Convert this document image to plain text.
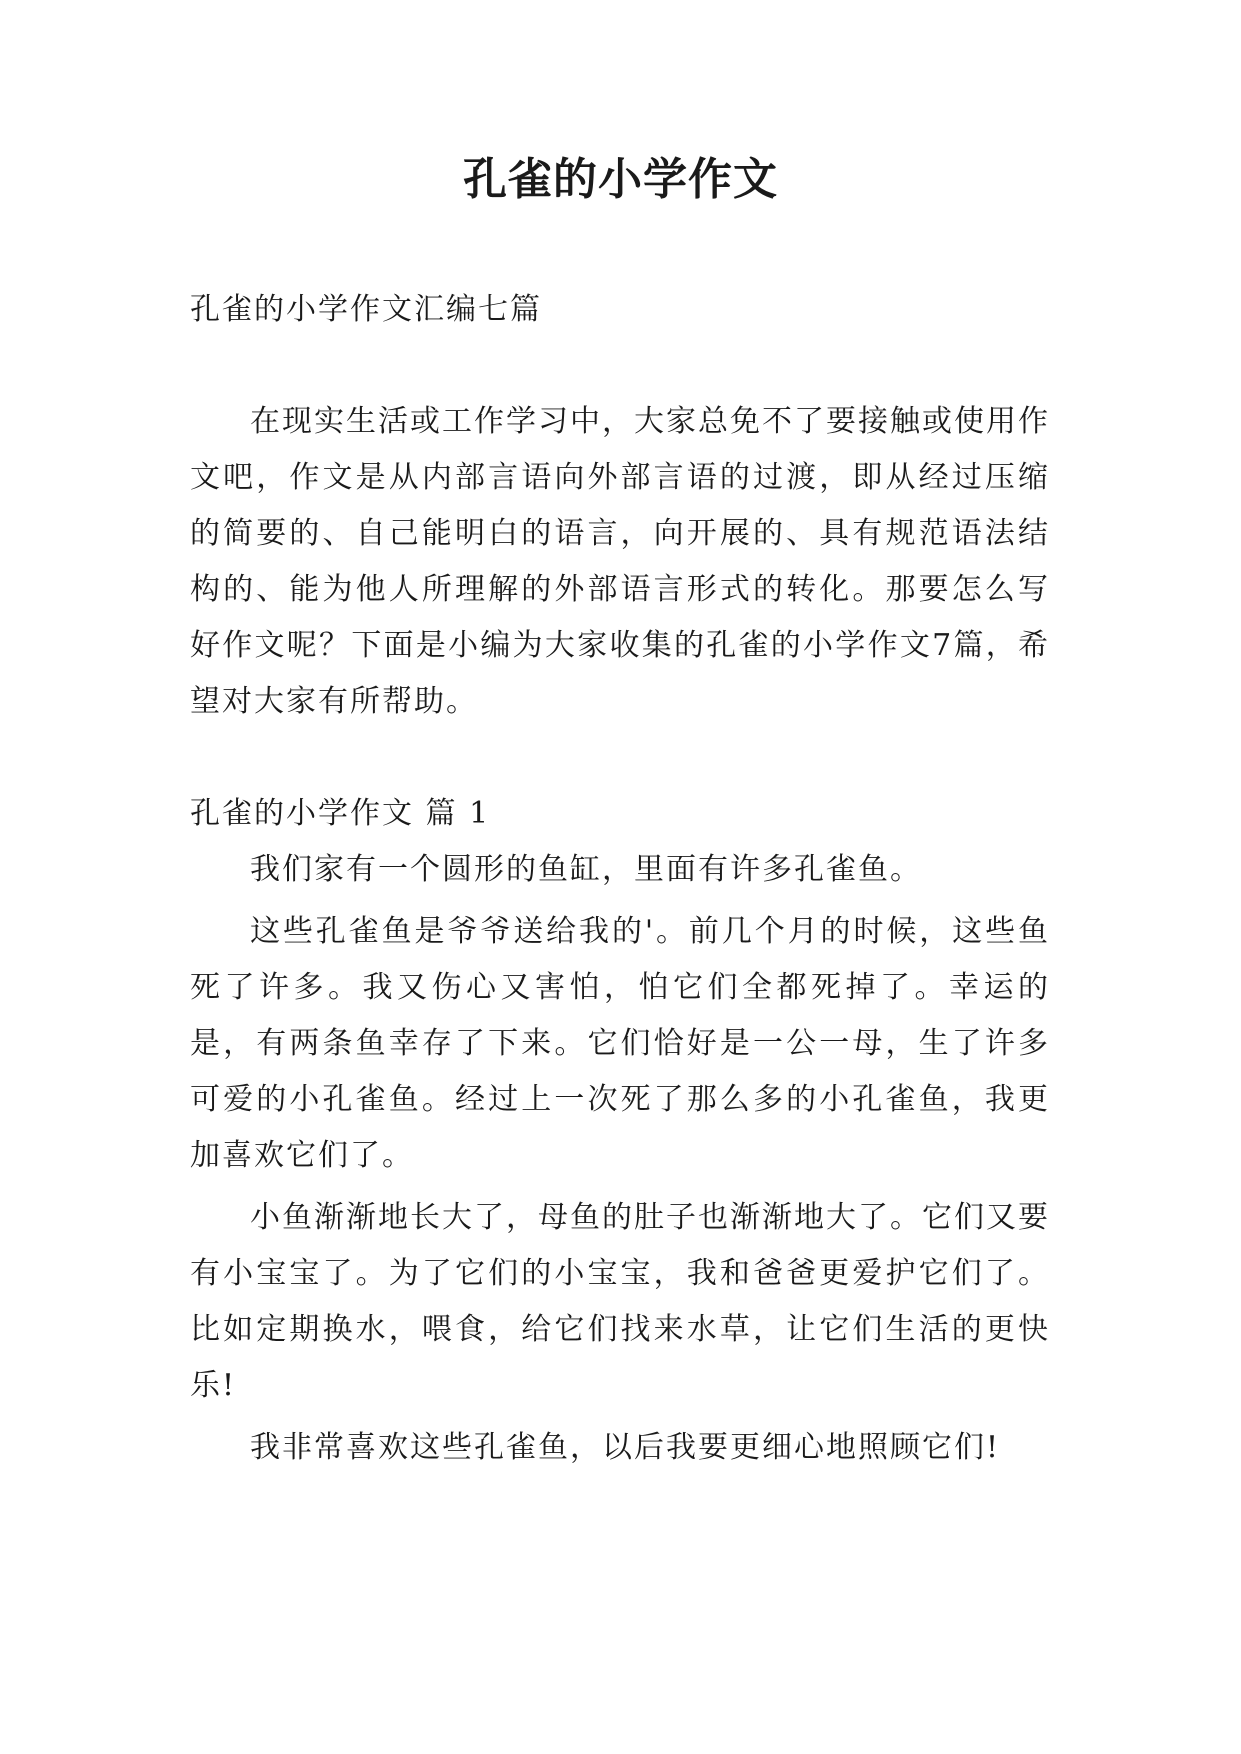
孔雀的小学作文

孔雀的小学作文汇编七篇

在现实生活或工作学习中，大家总免不了要接触或使用作文吧，作文是从内部言语向外部言语的过渡，即从经过压缩的简要的、自己能明白的语言，向开展的、具有规范语法结构的、能为他人所理解的外部语言形式的转化。那要怎么写好作文呢？下面是小编为大家收集的孔雀的小学作文7篇，希望对大家有所帮助。

孔雀的小学作文 篇 1

我们家有一个圆形的鱼缸，里面有许多孔雀鱼。

这些孔雀鱼是爷爷送给我的'。前几个月的时候，这些鱼死了许多。我又伤心又害怕，怕它们全都死掉了。幸运的是，有两条鱼幸存了下来。它们恰好是一公一母，生了许多可爱的小孔雀鱼。经过上一次死了那么多的小孔雀鱼，我更加喜欢它们了。

小鱼渐渐地长大了，母鱼的肚子也渐渐地大了。它们又要有小宝宝了。为了它们的小宝宝，我和爸爸更爱护它们了。比如定期换水，喂食，给它们找来水草，让它们生活的更快乐!

我非常喜欢这些孔雀鱼，以后我要更细心地照顾它们!
